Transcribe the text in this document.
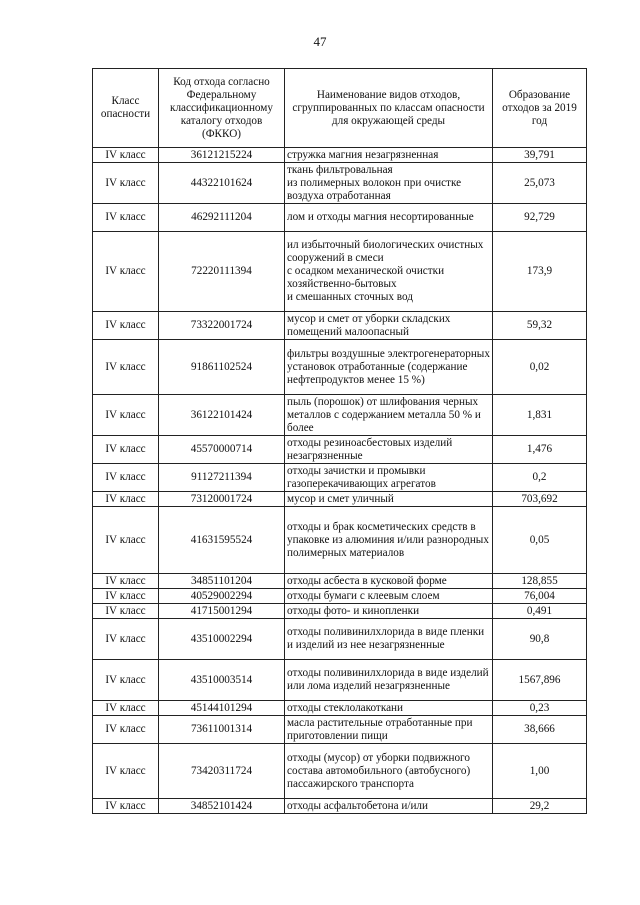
47
Класс опасности	Код отхода согласно Федеральному классификационному каталогу отходов (ФККО)	Наименование видов отходов, сгруппированных по классам опасности для окружающей среды	Образование отходов за 2019 год
IV класс	36121215224	стружка магния незагрязненная	39,791
IV класс	44322101624	ткань фильтровальная
из полимерных волокон при очистке воздуха отработанная	25,073
IV класс	46292111204	лом и отходы магния несортированные	92,729
IV класс	72220111394	ил избыточный биологических очистных сооружений в смеси
с осадком механической очистки хозяйственно-бытовых
и смешанных сточных вод	173,9
IV класс	73322001724	мусор и смет от уборки складских помещений малоопасный	59,32
IV класс	91861102524	фильтры воздушные электрогенераторных установок отработанные (содержание нефтепродуктов менее 15 %)	0,02
IV класс	36122101424	пыль (порошок) от шлифования черных металлов с содержанием металла 50 % и более	1,831
IV класс	45570000714	отходы резиноасбестовых изделий незагрязненные	1,476
IV класс	91127211394	отходы зачистки и промывки газоперекачивающих агрегатов	0,2
IV класс	73120001724	мусор и смет уличный	703,692
IV класс	41631595524	отходы и брак косметических средств в упаковке из алюминия и/или разнородных полимерных материалов	0,05
IV класс	34851101204	отходы асбеста в кусковой форме	128,855
IV класс	40529002294	отходы бумаги с клеевым слоем	76,004
IV класс	41715001294	отходы фото- и кинопленки	0,491
IV класс	43510002294	отходы поливинилхлорида в виде пленки и изделий из нее незагрязненные	90,8
IV класс	43510003514	отходы поливинилхлорида в виде изделий или лома изделий незагрязненные	1567,896
IV класс	45144101294	отходы стеклолакоткани	0,23
IV класс	73611001314	масла растительные отработанные при приготовлении пищи	38,666
IV класс	73420311724	отходы (мусор) от уборки подвижного состава автомобильного (автобусного) пассажирского транспорта	1,00
IV класс	34852101424	отходы асфальтобетона и/или	29,2
